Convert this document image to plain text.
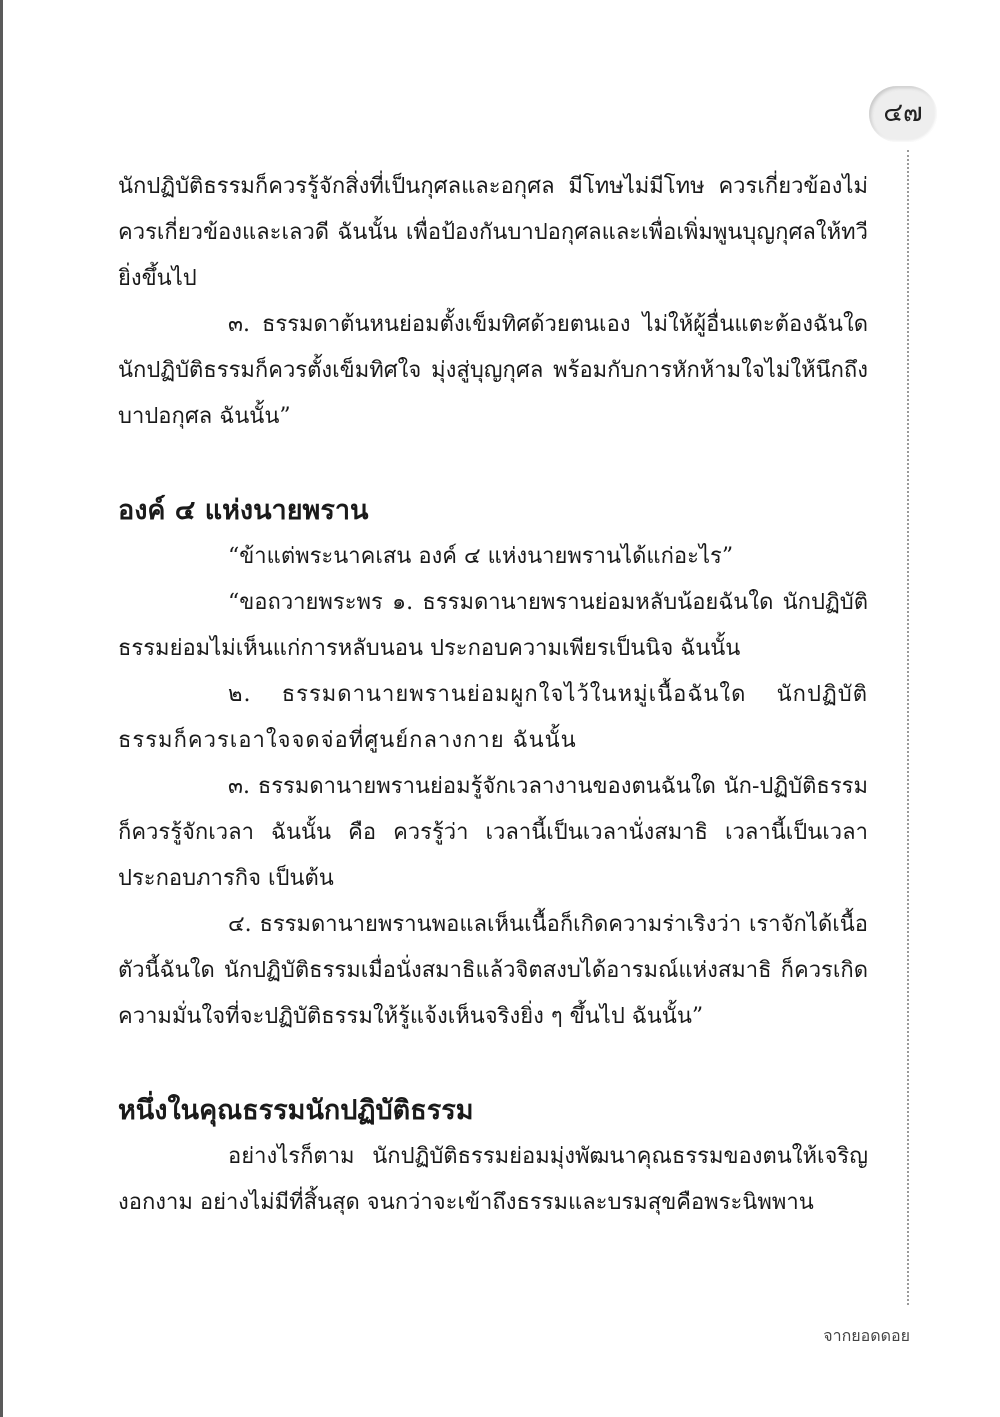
๔๗

นักปฏิบัติธรรมก็ควรรู้จักสิ่งที่เป็นกุศลและอกุศล มีโทษไม่มีโทษ ควรเกี่ยวข้องไม่ควรเกี่ยวข้องและเลวดี ฉันนั้น เพื่อป้องกันบาปอกุศลและเพื่อเพิ่มพูนบุญกุศลให้ทวียิ่งขึ้นไป

๓. ธรรมดาต้นหนย่อมตั้งเข็มทิศด้วยตนเอง ไม่ให้ผู้อื่นแตะต้องฉันใด นักปฏิบัติธรรมก็ควรตั้งเข็มทิศใจ มุ่งสู่บุญกุศล พร้อมกับการหักห้ามใจไม่ให้นึกถึงบาปอกุศล ฉันนั้น”

องค์ ๔ แห่งนายพราน

“ข้าแต่พระนาคเสน องค์ ๔ แห่งนายพรานได้แก่อะไร”

“ขอถวายพระพร ๑. ธรรมดานายพรานย่อมหลับน้อยฉันใด นักปฏิบัติธรรมย่อมไม่เห็นแก่การหลับนอน ประกอบความเพียรเป็นนิจ ฉันนั้น

๒. ธรรมดานายพรานย่อมผูกใจไว้ในหมู่เนื้อฉันใด นักปฏิบัติธรรมก็ควรเอาใจจดจ่อที่ศูนย์กลางกาย ฉันนั้น

๓. ธรรมดานายพรานย่อมรู้จักเวลางานของตนฉันใด นัก-ปฏิบัติธรรมก็ควรรู้จักเวลา ฉันนั้น คือ ควรรู้ว่า เวลานี้เป็นเวลานั่งสมาธิ เวลานี้เป็นเวลาประกอบภารกิจ เป็นต้น

๔. ธรรมดานายพรานพอแลเห็นเนื้อก็เกิดความร่าเริงว่า เราจักได้เนื้อตัวนี้ฉันใด นักปฏิบัติธรรมเมื่อนั่งสมาธิแล้วจิตสงบได้อารมณ์แห่งสมาธิ ก็ควรเกิดความมั่นใจที่จะปฏิบัติธรรมให้รู้แจ้งเห็นจริงยิ่ง ๆ ขึ้นไป ฉันนั้น”

หนึ่งในคุณธรรมนักปฏิบัติธรรม

อย่างไรก็ตาม นักปฏิบัติธรรมย่อมมุ่งพัฒนาคุณธรรมของตนให้เจริญงอกงาม อย่างไม่มีที่สิ้นสุด จนกว่าจะเข้าถึงธรรมและบรมสุขคือพระนิพพาน

จากยอดดอย
